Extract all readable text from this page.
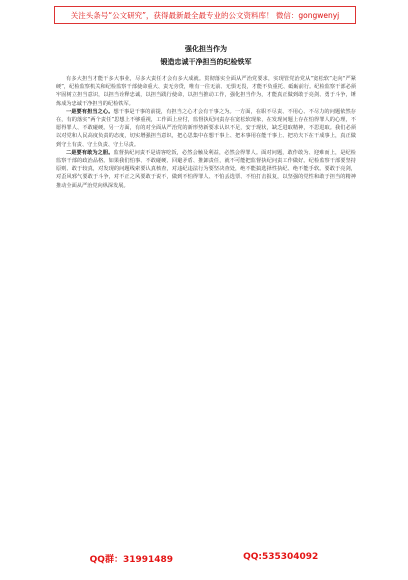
关注头条号“公文研究”，获得最新最全最专业的公文资料库！ 微信：gongwenyj
强化担当作为
锻造忠诚干净担当的纪检铁军

有多大担当才能干多大事业，尽多大责任才会有多大成就。贯彻落实全面从严治党要求，实现管党治党从“宽松软”走向“严紧硬”，纪检监察机关和纪检监察干部使命重大、责无旁贷，唯有一往无前、无惧无畏，才能不负重托、砥砺前行。纪检监察干部必须牢固树立担当意识，以担当诠释忠诚，以担当践行使命，以担当推动工作，强化担当作为，才能真正做到敢于亮剑、勇于斗争，锤炼成为忠诚干净担当的纪检铁军。

一是要有担当之心。想干事是干事的前提，有担当之心才会有干事之为。一方面，在职不尽责、不用心、不尽力的问题依然存在，有的落实“两个责任”思想上不够重视，工作面上应付，监督执纪问责存在宽松软现象，在发现问题上存在怕得罪人的心理，不愿得罪人、不敢碰硬。另一方面，有的对全面从严治党的新形势新要求认识不足，安于现状，缺乏进取精神，不思进取。我们必须以对党和人民高度负责的态度，切实增强担当意识，把心思集中在想干事上、把本事用在能干事上、把功夫下在干成事上，真正做到守土有责、守土负责、守土尽责。

二是要有敢为之胆。监督执纪问责不是请客吃饭，必然会触及利益，必然会得罪人。面对问题，敢作敢为、迎难而上，是纪检监察干部的政治品格。如果我们怕事、不敢碰硬、回避矛盾、推卸责任，就不可能把监督执纪问责工作做好。纪检监察干部要坚持原则、敢于较真，对发现的问题线索要认真核查，对违纪违法行为要坚决查处，绝不能搞选择性执纪、绝不能手软。要敢于亮剑，对歪风邪气要敢于斗争，对不正之风要敢于说不，做到不怕得罪人、不怕丢选票、不怕打击报复，以坚强的党性和敢于担当的精神推动全面从严治党向纵深发展。

QQ群：31991489	QQ:535304092
